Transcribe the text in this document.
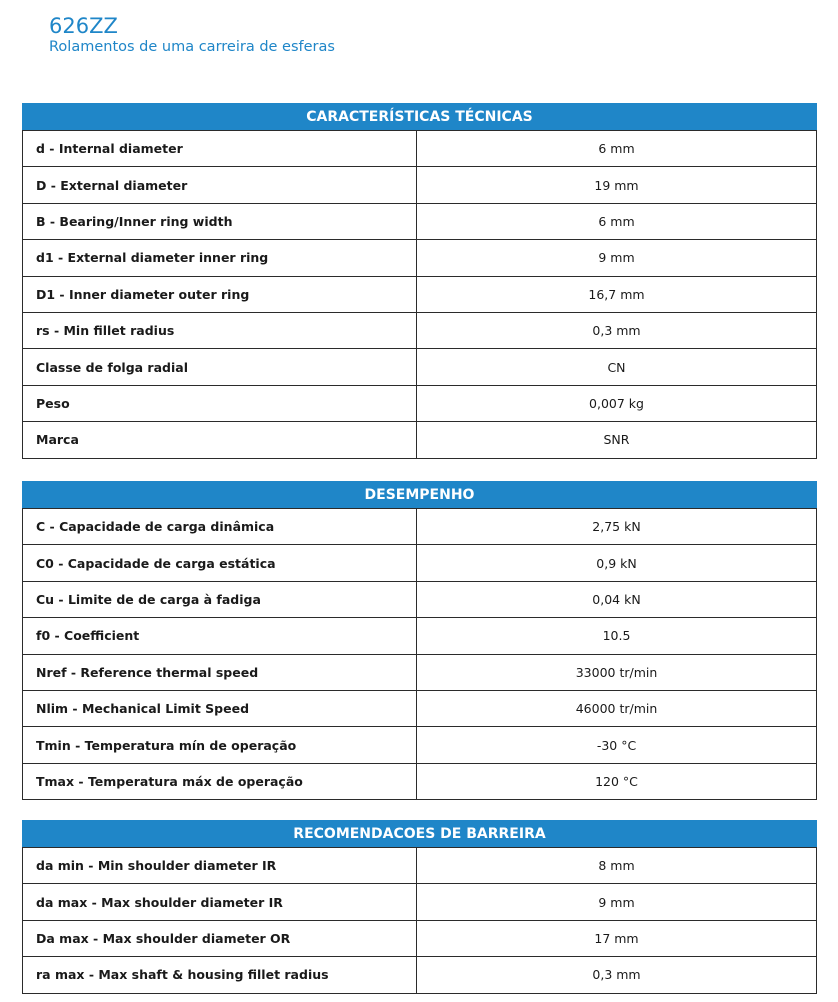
626ZZ
Rolamentos de uma carreira de esferas
CARACTERÍSTICAS TÉCNICAS
d - Internal diameter	6 mm
D - External diameter	19 mm
B - Bearing/Inner ring width	6 mm
d1 - External diameter inner ring	9 mm
D1 - Inner diameter outer ring	16,7 mm
rs - Min fillet radius	0,3 mm
Classe de folga radial	CN
Peso	0,007 kg
Marca	SNR
DESEMPENHO
C - Capacidade de carga dinâmica	2,75 kN
C0 - Capacidade de carga estática	0,9 kN
Cu - Limite de de carga à fadiga	0,04 kN
f0 - Coefficient	10.5
Nref - Reference thermal speed	33000 tr/min
Nlim - Mechanical Limit Speed	46000 tr/min
Tmin - Temperatura mín de operação	-30 °C
Tmax - Temperatura máx de operação	120 °C
RECOMENDACOES DE BARREIRA
da min - Min shoulder diameter IR	8 mm
da max - Max shoulder diameter IR	9 mm
Da max - Max shoulder diameter OR	17 mm
ra max - Max shaft & housing fillet radius	0,3 mm
